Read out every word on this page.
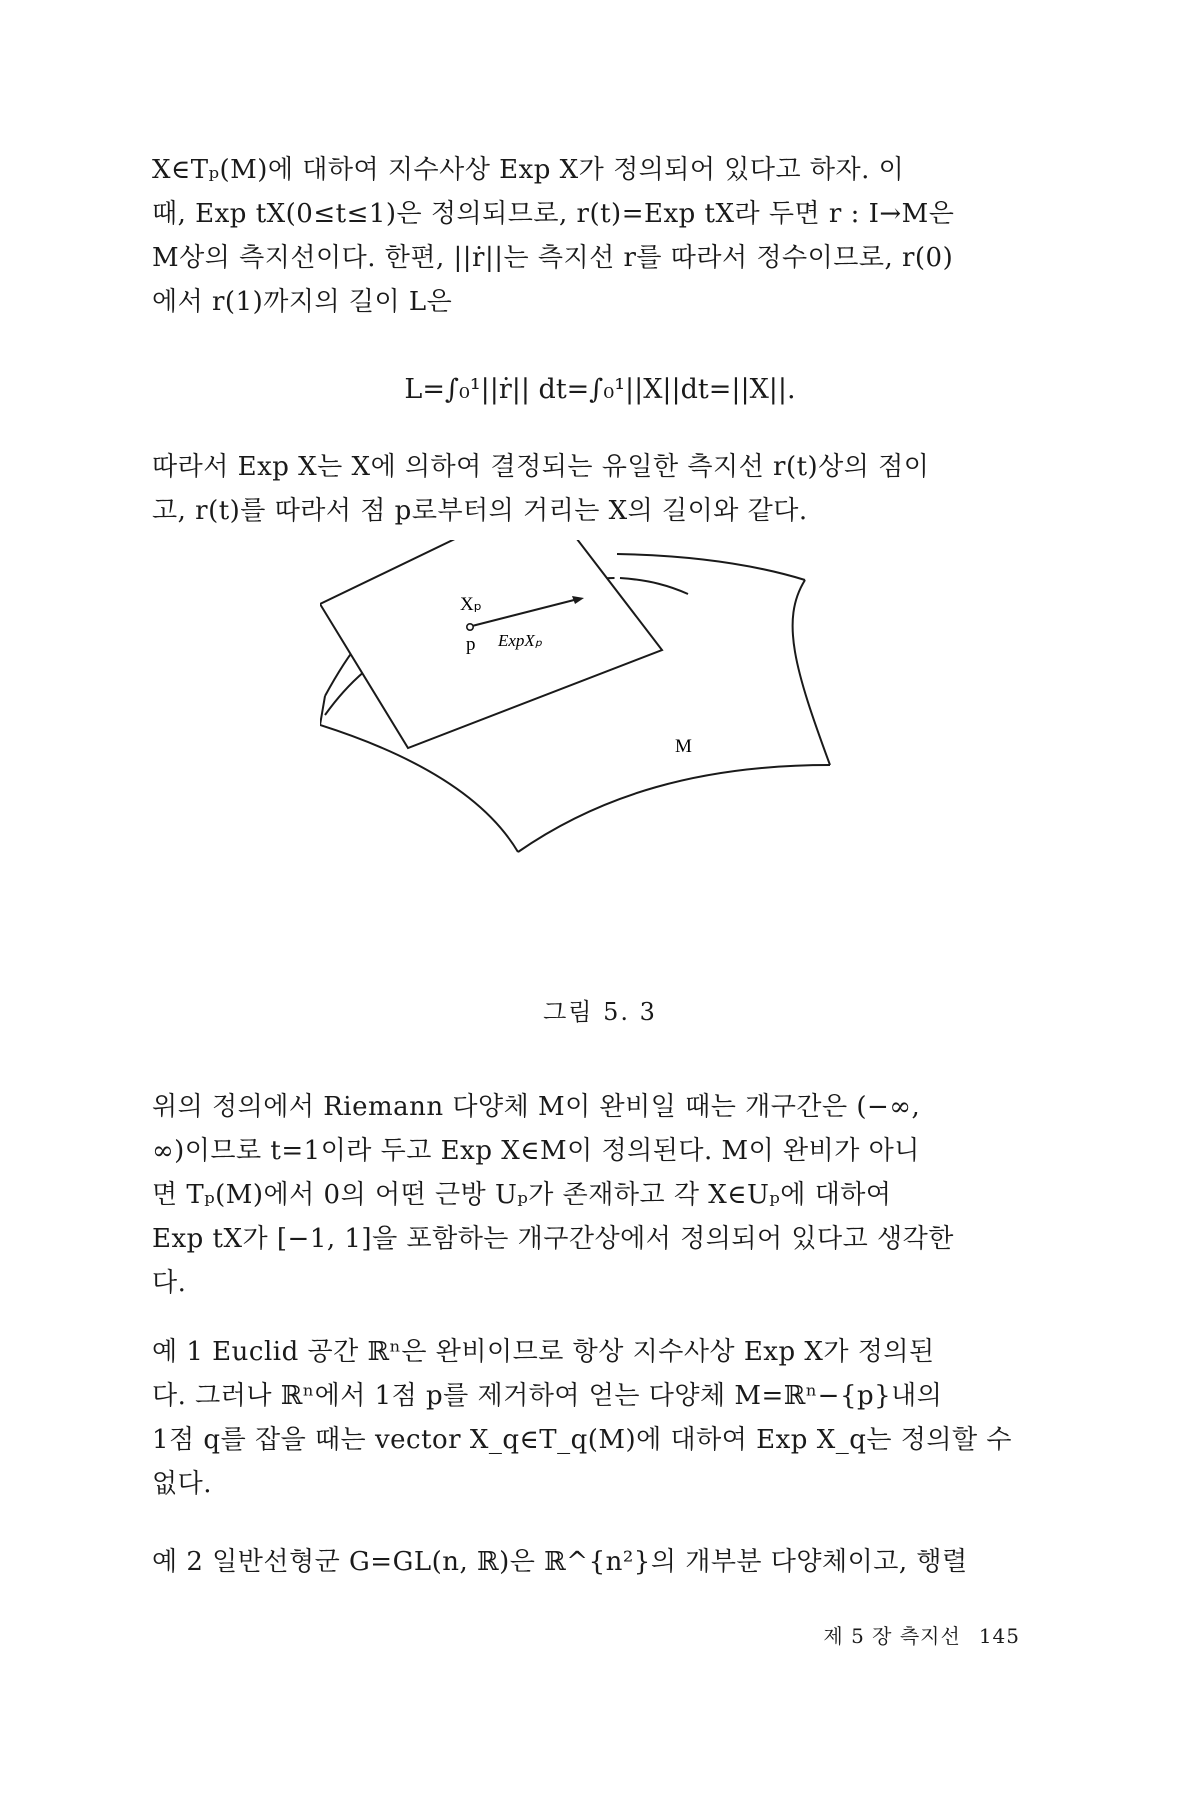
X∈Tₚ(M)에 대하여 지수사상 Exp X가 정의되어 있다고 하자. 이
때, Exp tX(0≤t≤1)은 정의되므로, r(t)=Exp tX라 두면 r : I→M은
M상의 측지선이다. 한편, ||ṙ||는 측지선 r를 따라서 정수이므로, r(0)
에서 r(1)까지의 길이 L은

L=∫₀¹||ṙ|| dt=∫₀¹||X||dt=||X||.

따라서 Exp X는 X에 의하여 결정되는 유일한 측지선 r(t)상의 점이
고, r(t)를 따라서 점 p로부터의 거리는 X의 길이와 같다.

Xₚ
p ExpXₚ
M
그림 5. 3

위의 정의에서 Riemann 다양체 M이 완비일 때는 개구간은 (−∞,
∞)이므로 t=1이라 두고 Exp X∈M이 정의된다. M이 완비가 아니
면 Tₚ(M)에서 0의 어떤 근방 Uₚ가 존재하고 각 X∈Uₚ에 대하여
Exp tX가 [−1, 1]을 포함하는 개구간상에서 정의되어 있다고 생각한
다.

예 1 Euclid 공간 ℝⁿ은 완비이므로 항상 지수사상 Exp X가 정의된
다. 그러나 ℝⁿ에서 1점 p를 제거하여 얻는 다양체 M=ℝⁿ−{p}내의
1점 q를 잡을 때는 vector X_q∈T_q(M)에 대하여 Exp X_q는 정의할 수
없다.

예 2 일반선형군 G=GL(n, ℝ)은 ℝ^{n²}의 개부분 다양체이고, 행렬

제 5 장 측지선 145
